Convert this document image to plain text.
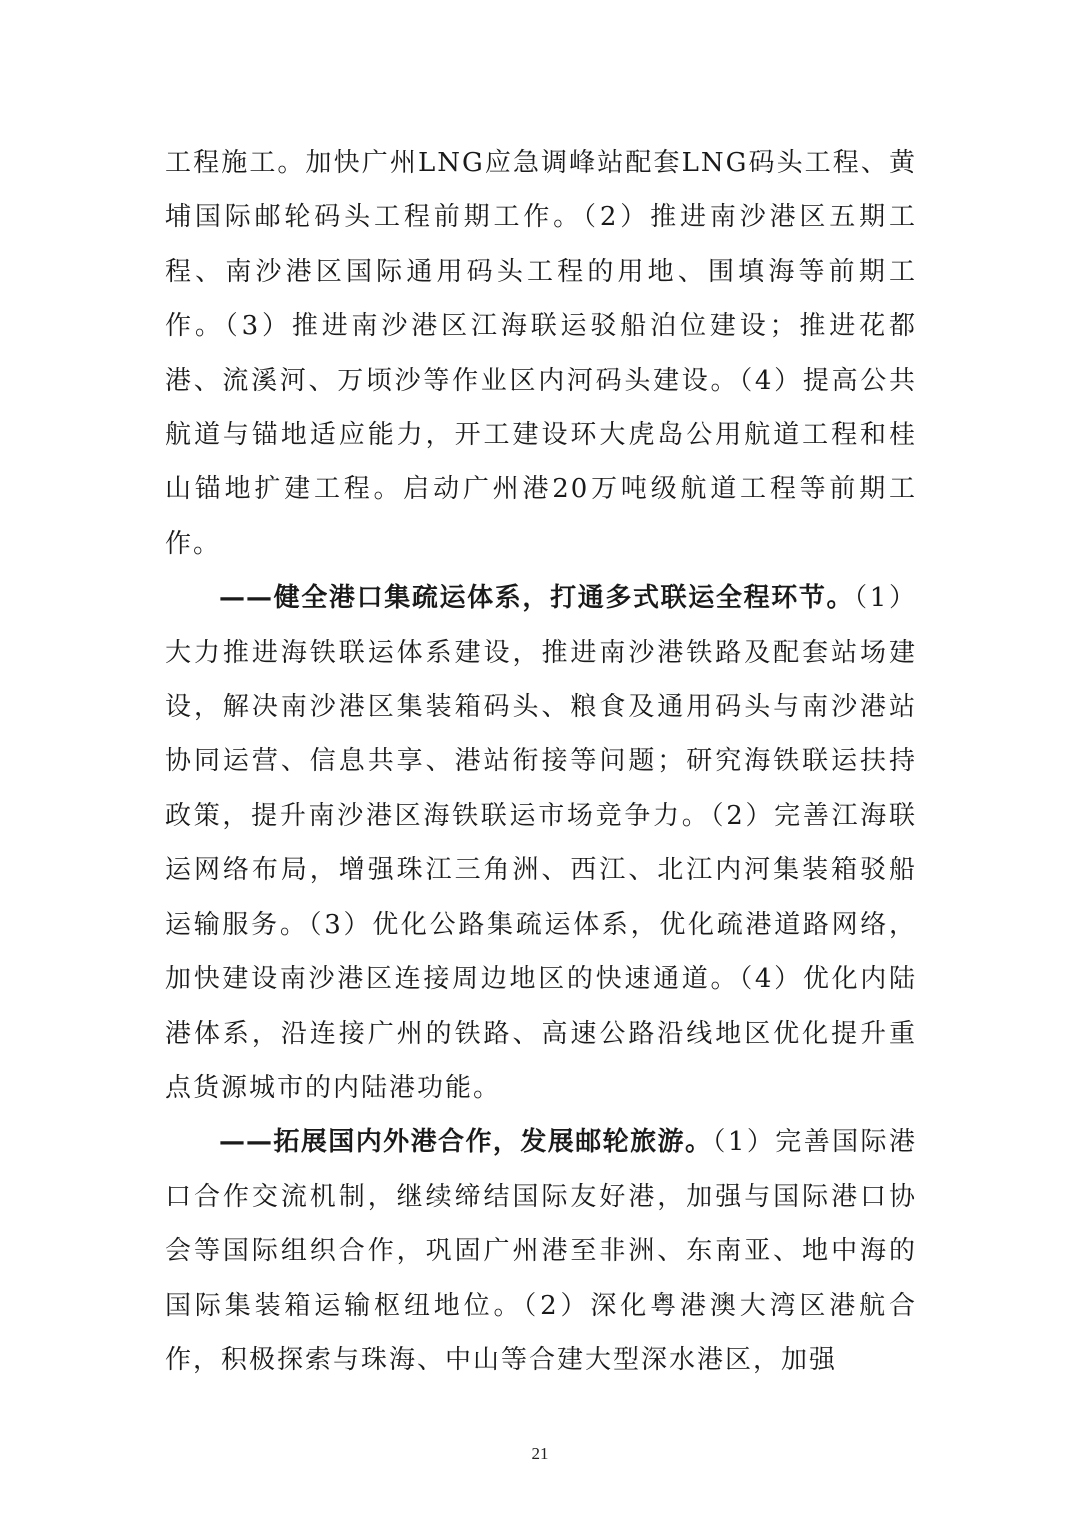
工程施工。加快广州LNG应急调峰站配套LNG码头工程、黄埔国际邮轮码头工程前期工作。（2）推进南沙港区五期工程、南沙港区国际通用码头工程的用地、围填海等前期工作。（3）推进南沙港区江海联运驳船泊位建设；推进花都港、流溪河、万顷沙等作业区内河码头建设。（4）提高公共航道与锚地适应能力，开工建设环大虎岛公用航道工程和桂山锚地扩建工程。启动广州港20万吨级航道工程等前期工作。

——健全港口集疏运体系，打通多式联运全程环节。（1）大力推进海铁联运体系建设，推进南沙港铁路及配套站场建设，解决南沙港区集装箱码头、粮食及通用码头与南沙港站协同运营、信息共享、港站衔接等问题；研究海铁联运扶持政策，提升南沙港区海铁联运市场竞争力。（2）完善江海联运网络布局，增强珠江三角洲、西江、北江内河集装箱驳船运输服务。（3）优化公路集疏运体系，优化疏港道路网络，加快建设南沙港区连接周边地区的快速通道。（4）优化内陆港体系，沿连接广州的铁路、高速公路沿线地区优化提升重点货源城市的内陆港功能。

——拓展国内外港合作，发展邮轮旅游。（1）完善国际港口合作交流机制，继续缔结国际友好港，加强与国际港口协会等国际组织合作，巩固广州港至非洲、东南亚、地中海的国际集装箱运输枢纽地位。（2）深化粤港澳大湾区港航合作，积极探索与珠海、中山等合建大型深水港区，加强

21
